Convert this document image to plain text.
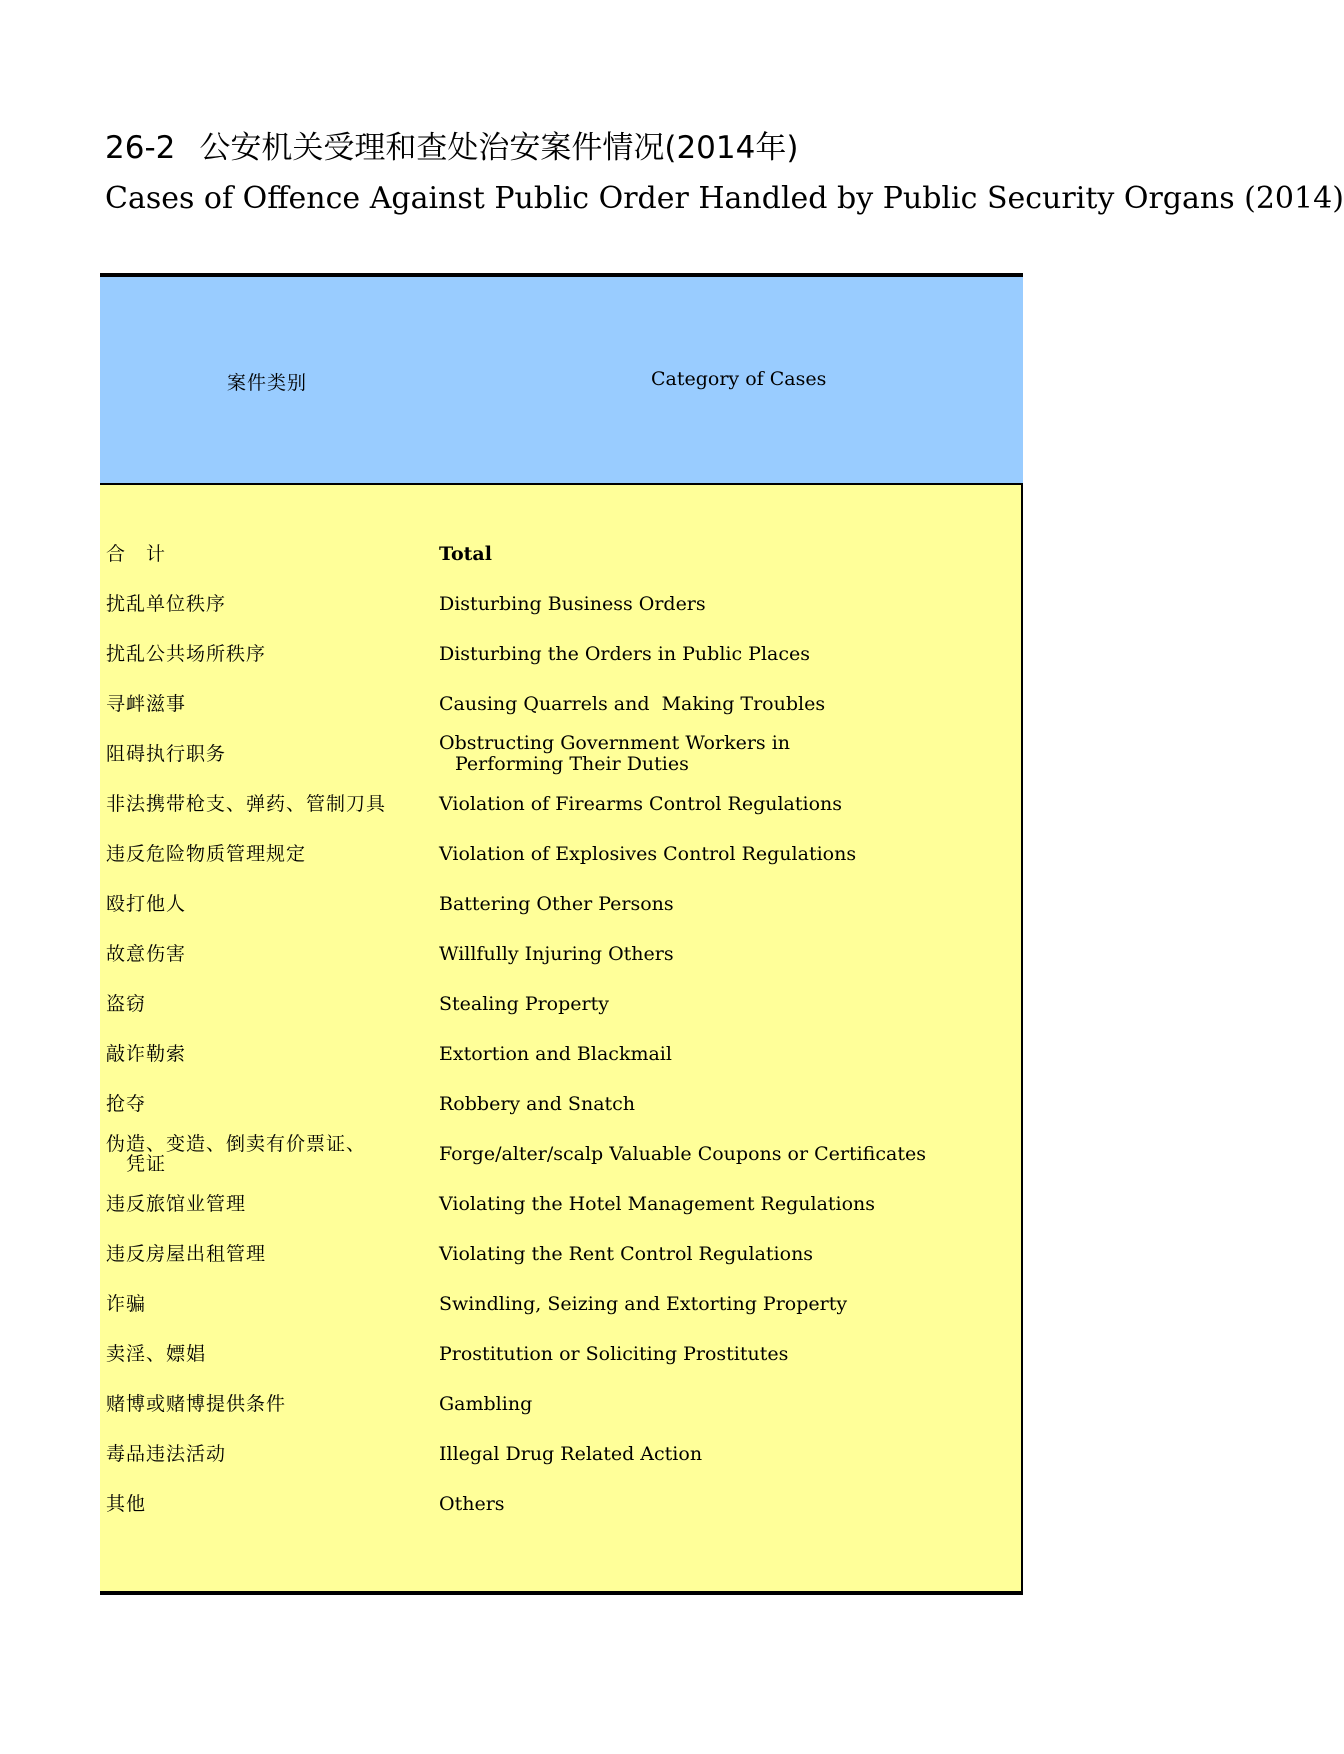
26-2 公安机关受理和查处治安案件情况(2014年)
Cases of Offence Against Public Order Handled by Public Security Organs (2014)
案件类别	Category of Cases
合　计	Total
扰乱单位秩序	Disturbing Business Orders
扰乱公共场所秩序	Disturbing the Orders in Public Places
寻衅滋事	Causing Quarrels and  Making Troubles
阻碍执行职务	Obstructing Government Workers in
Performing Their Duties
非法携带枪支、弹药、管制刀具	Violation of Firearms Control Regulations
违反危险物质管理规定	Violation of Explosives Control Regulations
殴打他人	Battering Other Persons
故意伤害	Willfully Injuring Others
盗窃	Stealing Property
敲诈勒索	Extortion and Blackmail
抢夺	Robbery and Snatch
伪造、变造、倒卖有价票证、
凭证	Forge/alter/scalp Valuable Coupons or Certificates
违反旅馆业管理	Violating the Hotel Management Regulations
违反房屋出租管理	Violating the Rent Control Regulations
诈骗	Swindling, Seizing and Extorting Property
卖淫、嫖娼	Prostitution or Soliciting Prostitutes
赌博或赌博提供条件	Gambling
毒品违法活动	Illegal Drug Related Action
其他	Others
